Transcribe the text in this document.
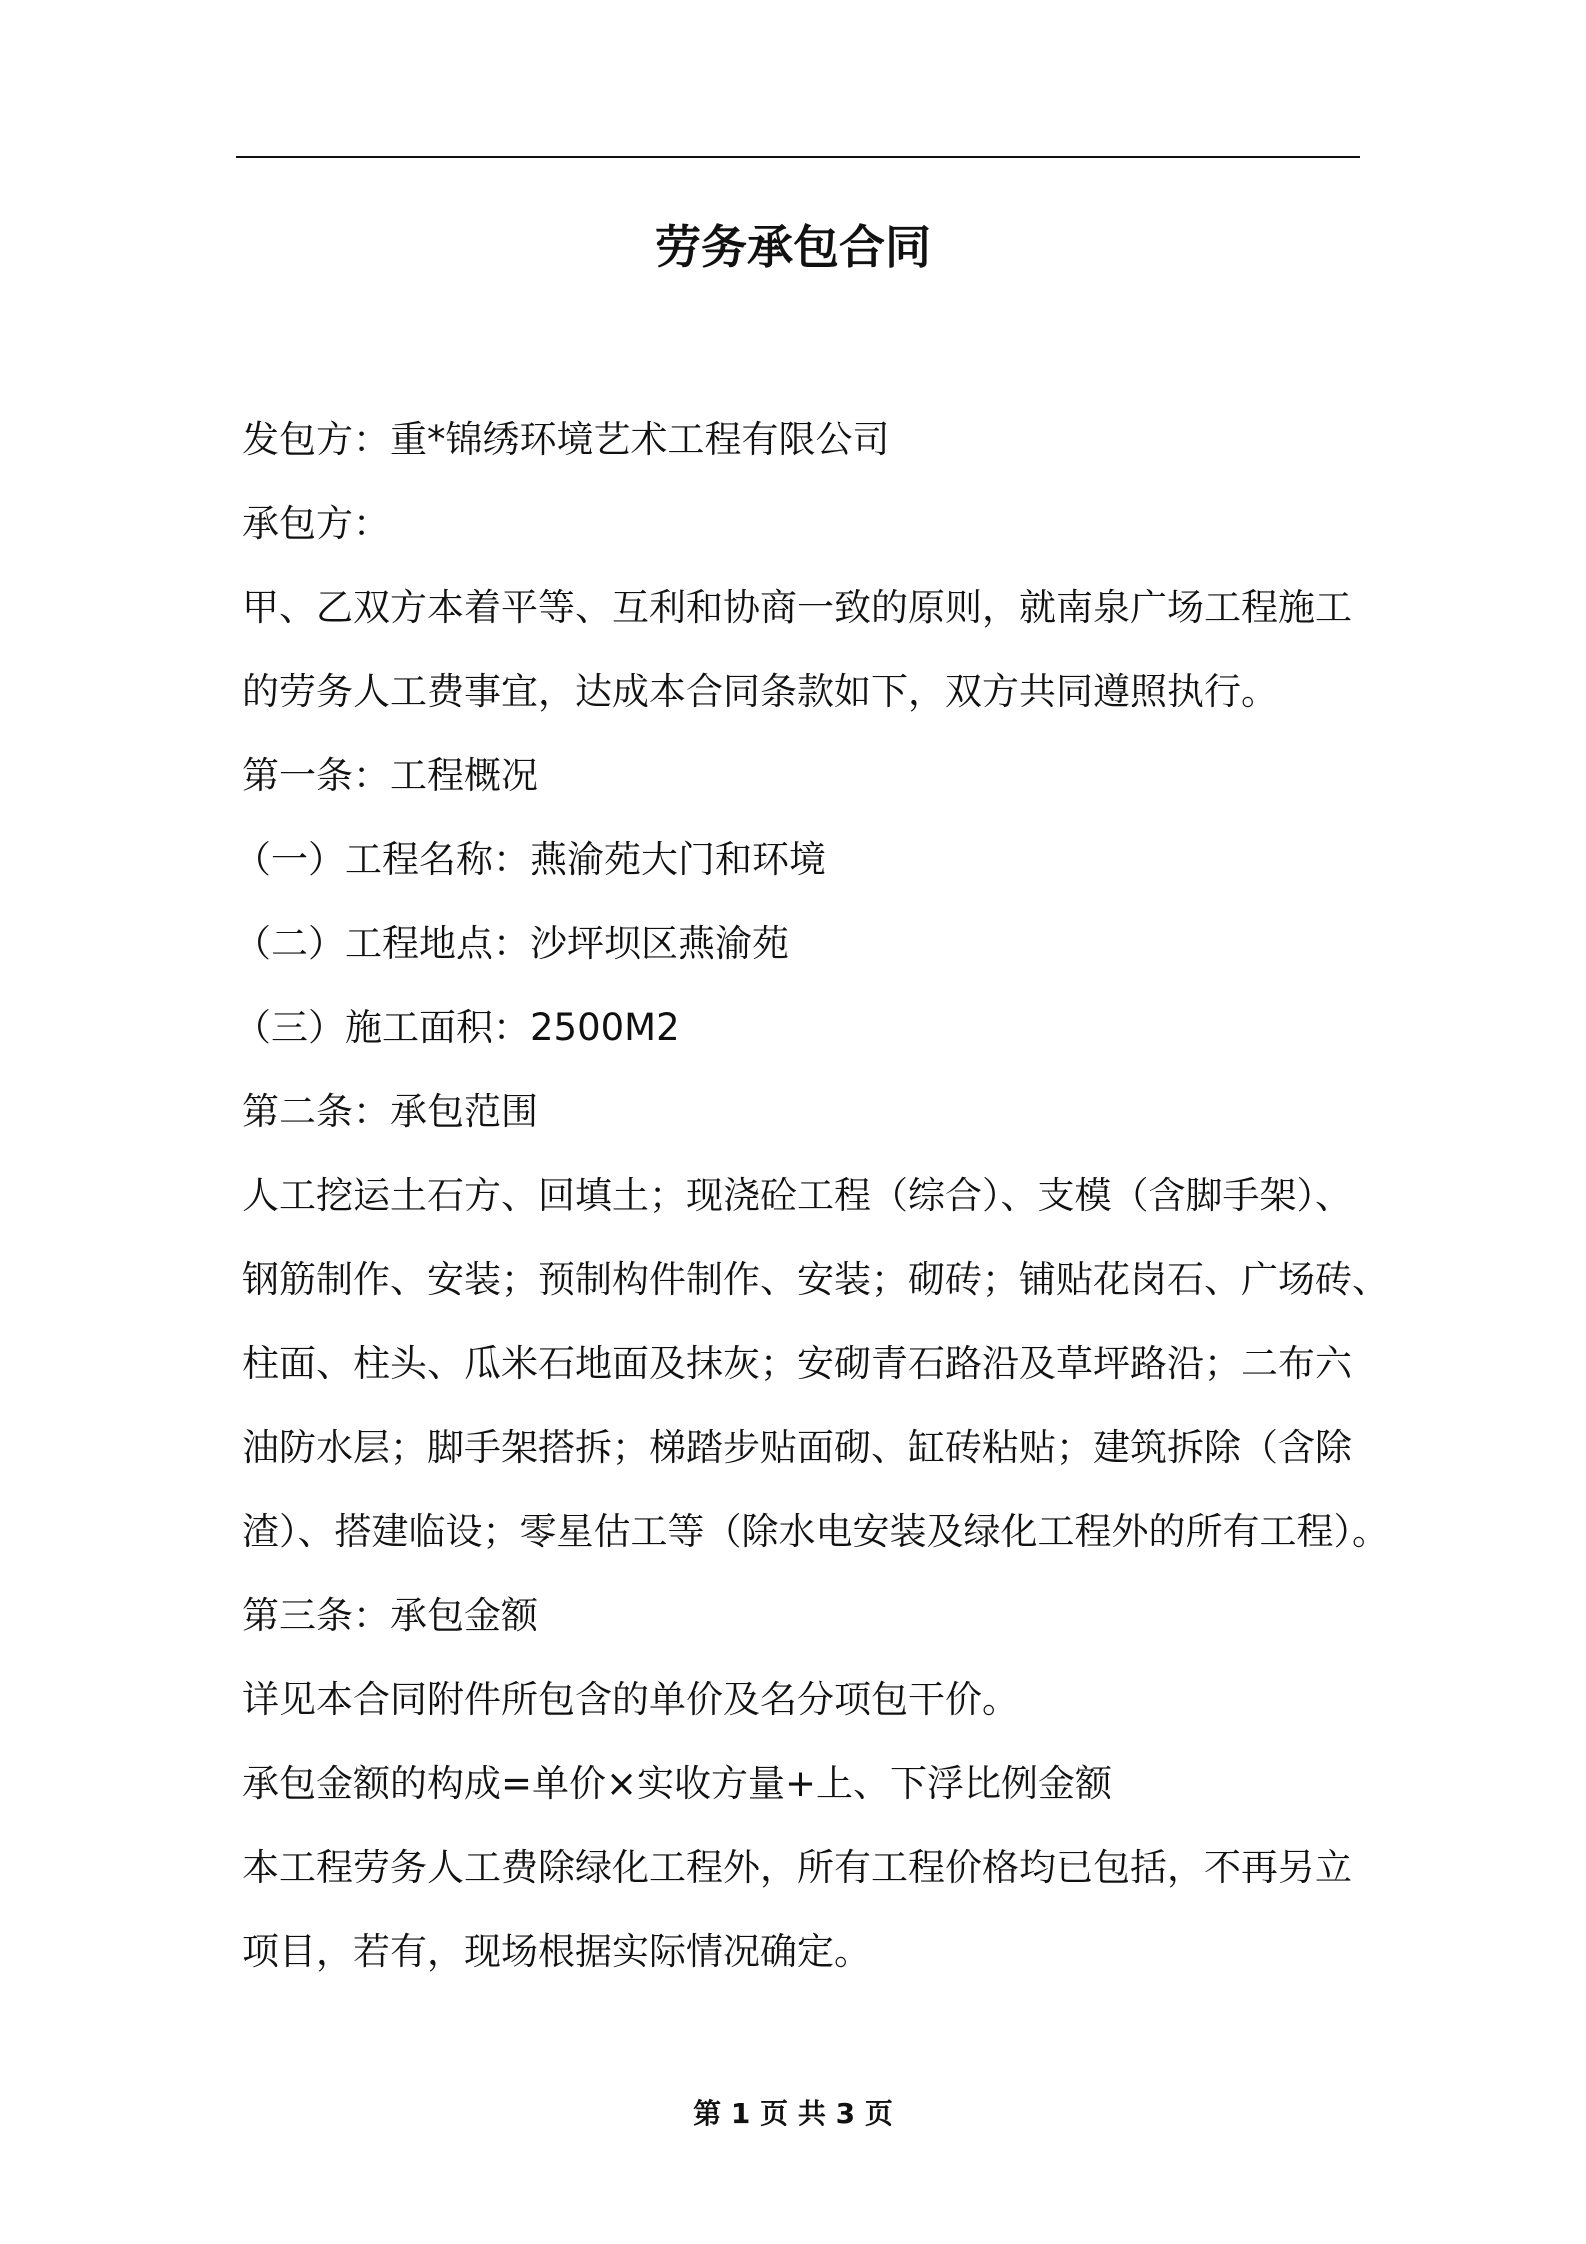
劳务承包合同
发包方：重*锦绣环境艺术工程有限公司
承包方：
甲、乙双方本着平等、互利和协商一致的原则，就南泉广场工程施工
的劳务人工费事宜，达成本合同条款如下，双方共同遵照执行。
第一条：工程概况
（一）工程名称：燕渝苑大门和环境
（二）工程地点：沙坪坝区燕渝苑
（三）施工面积：2500M2
第二条：承包范围
人工挖运土石方、回填土；现浇砼工程（综合）、支模（含脚手架）、
钢筋制作、安装；预制构件制作、安装；砌砖；铺贴花岗石、广场砖、
柱面、柱头、瓜米石地面及抹灰；安砌青石路沿及草坪路沿；二布六
油防水层；脚手架搭拆；梯踏步贴面砌、缸砖粘贴；建筑拆除（含除
渣）、搭建临设；零星估工等（除水电安装及绿化工程外的所有工程）。
第三条：承包金额
详见本合同附件所包含的单价及名分项包干价。
承包金额的构成=单价×实收方量+上、下浮比例金额
本工程劳务人工费除绿化工程外，所有工程价格均已包括，不再另立
项目，若有，现场根据实际情况确定。
第 1 页 共 3 页
